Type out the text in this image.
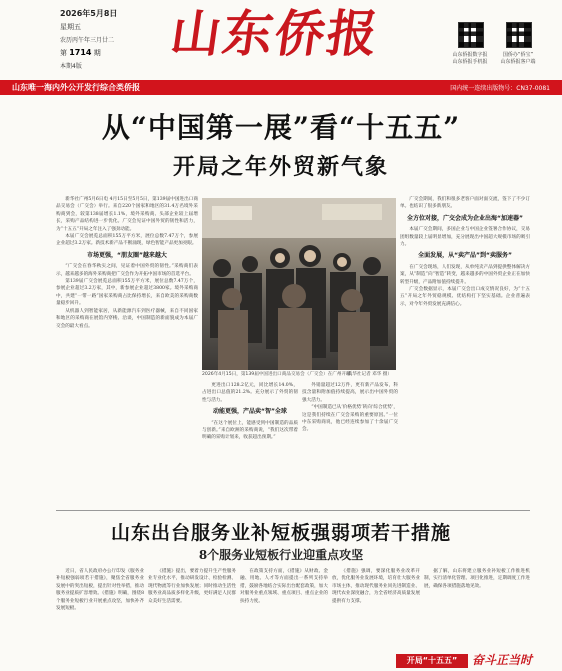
2026年5月8日
星期五
农历丙午年三月廿二
第 1714 期
本期4版
山东侨报	山东侨报数字报
山东侨报手机报
国侨办“侨宝”
山东侨报客户端
山东唯一海内外公开发行综合类侨报	国内统一连续出版物号：CN37-0081
从“中国第一展”看“十五五”
开局之年外贸新气象

新华社广州5月6日电 4月15日至5月5日，第139届中国进出口商品交易会（广交会）举行。来自220个国家和地区的31.4万名境外采购商到会，较第138届增长1.1%，境外采购商、头部企业较上届增长，采购产品结构进一步优化。广交会见证中国外贸的韧性和活力，为“十五五”开局之年注入了强劲动能。

本届广交会展览总面积155万平方米，展位总数7.47万个，参展企业超过3.2万家。新技术新产品不断涌现，绿色智能产品更加亮眼。

市场更强，“朋友圈”越来越大

“广交会在春华秋实之间，见证着中国外贸的韧性。”采购商们表示，越来越多的海外采购商把广交会作为开拓中国市场的首选平台。

第139届广交会展览总面积155万平方米，展位总数7.47万个，参展企业超过3.2万家，其中，新参展企业超过3800家。境外采购商中，共建“一带一路”国家采购商占比保持增长，来自欧美的采购商数量稳步回升。

从机器人到智能家居，从新能源汽车到医疗器械，来自不同国家和地区的采购商在展馆内穿梭、洽谈，中国制造的新面貌成为本届广交会的最大看点。

2026年4月15日，第139届中国进出口商品交易会（广交会）在广州开幕。
（新华社记者 邓华 摄）

更进出口128.2亿元，同比增长14.0%，占进出口总值的21.2%。充分展示了外贸的韧性与活力。

动能更强，产品卖“智”全球

“在这个展位上，能感受到中国制造的品质与创新。”来自欧洲的采购商说，“我们这次带着明确的采购计划来，收获超出预期。”

外销量超过12万件，更有新产品发布，科技含量和附加值持续提高，展示出中国外贸的强大活力。

“中国制造已从‘价格优势’转向‘综合优势’，这是我们持续在广交会采购的重要原因。”一位中东采购商说，他已经连续参加了十余届广交会。

广交会期间，我们和很多老客户面对面交流，签下了不少订单。也结识了很多新朋友。

全方位对接，广交会成为企业出海“加速器”

本届广交会期间，多国企业与中国企业签署合作协议，交易团组数量较上届明显增加，充分展现出中国超大规模市场的吸引力。

全面发展，从“卖产品”到“卖服务”

在广交会现场，人们发现，从单纯卖产品到提供整体解决方案，从“制造”向“智造”转变，越来越多的中国外贸企业正在加快转型升级，产品附加值持续提升。

广交会数据显示，本届广交会出口成交情况良好，为“十五五”开局之年外贸稳规模、优结构打下坚实基础。企业普遍表示，对今年外贸发展充满信心。

山东出台服务业补短板强弱项若干措施
8个服务业短板行业迎重点攻坚

近日，省人民政府办公厅印发《服务业补短板强弱项若干措施》，聚焦全省服务业发展中的突出短板，提出针对性举措，推动服务业提质扩容增效。《措施》明确，围绕8个服务业短板行业开展重点攻坚，加快补齐发展短板。

《措施》提出，要着力提升生产性服务业专业化水平，推动研发设计、检验检测、现代物流等行业加快发展；同时推动生活性服务业高品质多样化升级，更好满足人民群众美好生活需要。

在政策支持方面，《措施》从财政、金融、用地、人才等方面提出一系列支持举措，鼓励各地结合实际出台配套政策，加大对服务业重点领域、重点项目、重点企业的扶持力度。

《措施》强调，要深化服务业改革开放，优化服务业发展环境，培育壮大服务业市场主体，推动现代服务业同先进制造业、现代农业深度融合，为全省经济高质量发展提供有力支撑。

据了解，山东将建立服务业补短板工作推进机制，实行清单化管理、项目化推进，定期调度工作进展，确保各项措施落地见效。

开局“十五五”	奋斗正当时
